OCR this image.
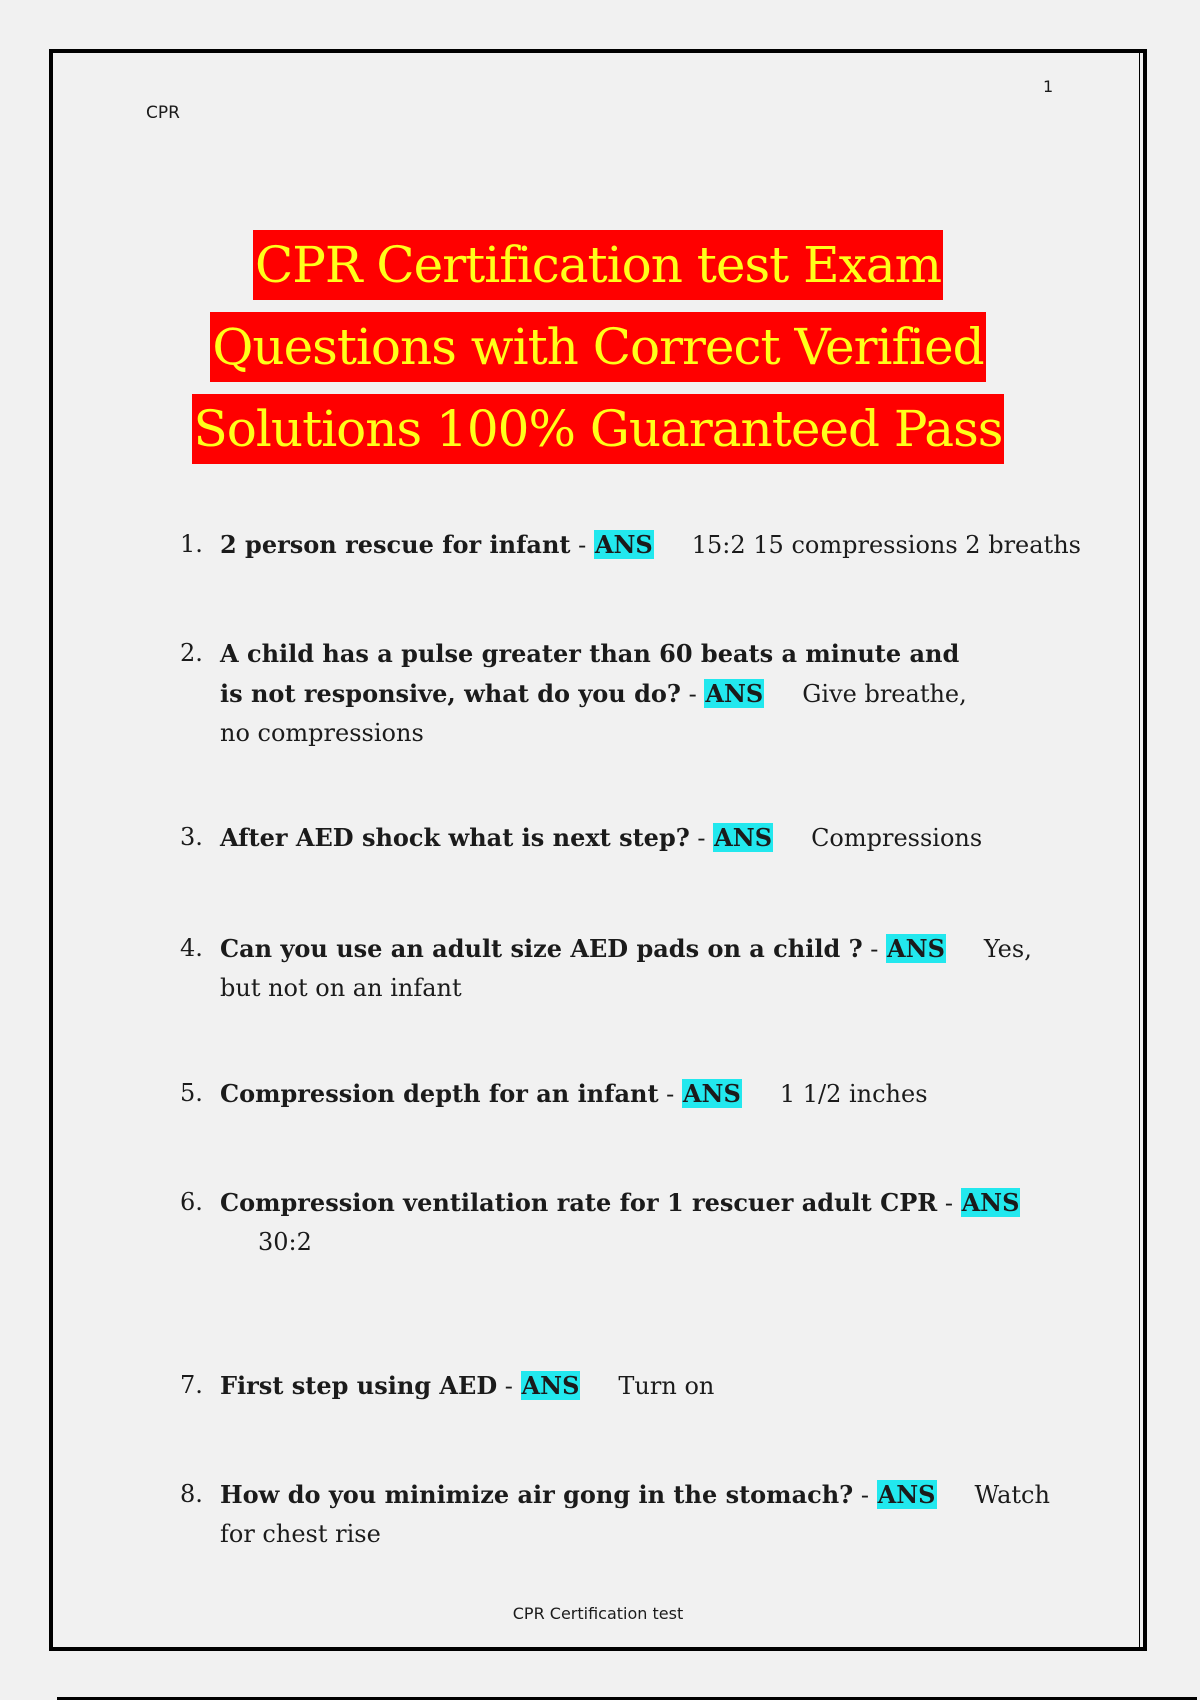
CPR
1
CPR Certification test Exam
Questions with Correct Verified
Solutions 100% Guaranteed Pass
1. 2 person rescue for infant - ANS 15:2 15 compressions 2 breaths
2. A child has a pulse greater than 60 beats a minute and is not responsive, what do you do? - ANS Give breathe, no compressions
3. After AED shock what is next step? - ANS Compressions
4. Can you use an adult size AED pads on a child ? - ANS Yes, but not on an infant
5. Compression depth for an infant - ANS 1 1/2 inches
6. Compression ventilation rate for 1 rescuer adult CPR - ANS
30:2
7. First step using AED - ANS Turn on
8. How do you minimize air gong in the stomach? - ANS Watch for chest rise
CPR Certification test
